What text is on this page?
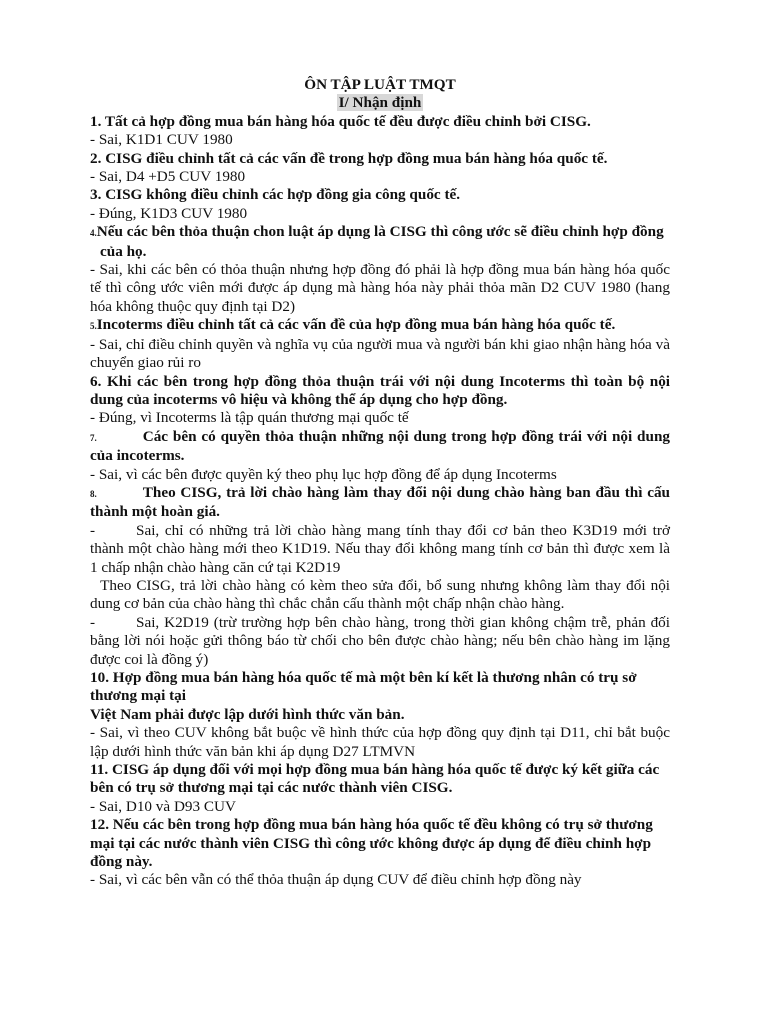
ÔN TẬP LUẬT TMQT
I/ Nhận định
1. Tất cả hợp đồng mua bán hàng hóa quốc tế đều được điều chỉnh bởi CISG.
- Sai, K1D1 CUV 1980
2. CISG điều chỉnh tất cả các vấn đề trong hợp đồng mua bán hàng hóa quốc tế.
- Sai, D4 +D5 CUV 1980
3. CISG không điều chỉnh các hợp đồng gia công quốc tế.
- Đúng, K1D3 CUV 1980
4.Nếu các bên thỏa thuận chon luật áp dụng là CISG thì công ước sẽ điều chỉnh hợp đồng của họ.
- Sai, khi các bên có thỏa thuận nhưng hợp đồng đó phải là hợp đồng mua bán hàng hóa quốc tế thì công ước viên mới được áp dụng mà hàng hóa này phải thỏa mãn D2 CUV 1980 (hang hóa không thuộc quy định tại D2)
5.Incoterms điều chỉnh tất cả các vấn đề của hợp đồng mua bán hàng hóa quốc tế.
- Sai, chỉ điều chỉnh quyền và nghĩa vụ của người mua và người bán khi giao nhận hàng hóa và chuyển giao rủi ro
6. Khi các bên trong hợp đồng thỏa thuận trái với nội dung Incoterms thì toàn bộ nội dung của incoterms vô hiệu và không thể áp dụng cho hợp đồng.
- Đúng, vì Incoterms là tập quán thương mại quốc tế
7.	Các bên có quyền thỏa thuận những nội dung trong hợp đồng trái với nội dung của incoterms.
- Sai, vì các bên được quyền ký theo phụ lục hợp đồng để áp dụng Incoterms
8.	Theo CISG, trả lời chào hàng làm thay đổi nội dung chào hàng ban đầu thì cấu thành một hoàn giá.
-	Sai, chỉ có những trả lời chào hàng mang tính thay đổi cơ bản theo K3D19 mới trở thành một chào hàng mới theo K1D19. Nếu thay đổi không mang tính cơ bản thì được xem là 1 chấp nhận chào hàng căn cứ tại K2D19
Theo CISG, trả lời chào hàng có kèm theo sửa đổi, bổ sung nhưng không làm thay đổi nội dung cơ bản của chào hàng thì chắc chắn cấu thành một chấp nhận chào hàng.
-	Sai, K2D19 (trừ trường hợp bên chào hàng, trong thời gian không chậm trễ, phản đối bằng lời nói hoặc gửi thông báo từ chối cho bên được chào hàng; nếu bên chào hàng im lặng được coi là đồng ý)
10. Hợp đồng mua bán hàng hóa quốc tế mà một bên kí kết là thương nhân có trụ sở thương mại tại
Việt Nam phải được lập dưới hình thức văn bản.
- Sai, vì theo CUV không bắt buộc về hình thức của hợp đồng quy định tại D11, chỉ bắt buộc lập dưới hình thức văn bản khi áp dụng D27 LTMVN
11. CISG áp dụng đối với mọi hợp đồng mua bán hàng hóa quốc tế được ký kết giữa các bên có trụ sở thương mại tại các nước thành viên CISG.
- Sai, D10 và D93 CUV
12. Nếu các bên trong hợp đồng mua bán hàng hóa quốc tế đều không có trụ sở thương mại tại các nước thành viên CISG thì công ước không được áp dụng để điều chỉnh hợp đồng này.
- Sai, vì các bên vẫn có thể thỏa thuận áp dụng CUV để điều chỉnh hợp đồng này
